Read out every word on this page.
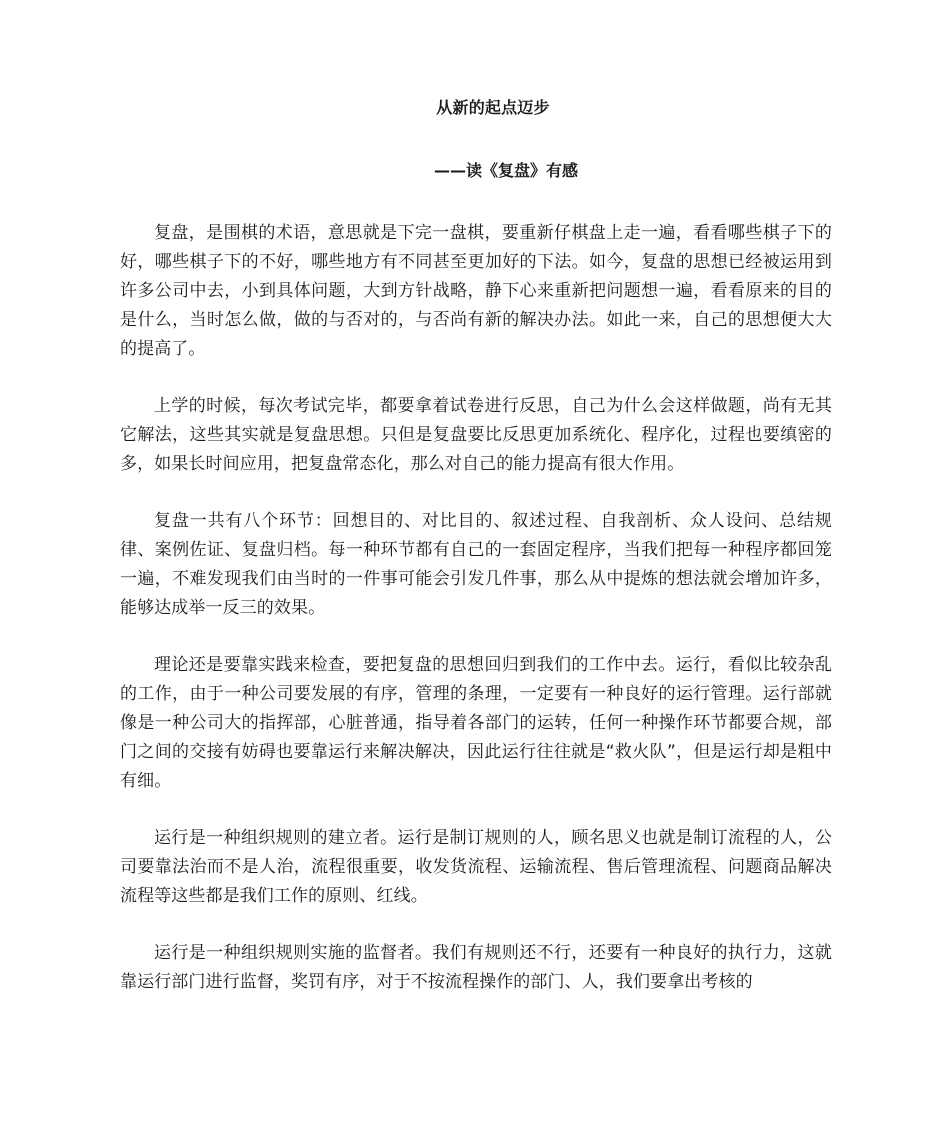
从新的起点迈步
——读《复盘》有感

复盘，是围棋的术语，意思就是下完一盘棋，要重新仔棋盘上走一遍，看看哪些棋子下的好，哪些棋子下的不好，哪些地方有不同甚至更加好的下法。如今，复盘的思想已经被运用到许多公司中去，小到具体问题，大到方针战略，静下心来重新把问题想一遍，看看原来的目的是什么，当时怎么做，做的与否对的，与否尚有新的解决办法。如此一来，自己的思想便大大的提高了。

上学的时候，每次考试完毕，都要拿着试卷进行反思，自己为什么会这样做题，尚有无其它解法，这些其实就是复盘思想。只但是复盘要比反思更加系统化、程序化，过程也要缜密的多，如果长时间应用，把复盘常态化，那么对自己的能力提高有很大作用。

复盘一共有八个环节：回想目的、对比目的、叙述过程、自我剖析、众人设问、总结规律、案例佐证、复盘归档。每一种环节都有自己的一套固定程序，当我们把每一种程序都回笼一遍，不难发现我们由当时的一件事可能会引发几件事，那么从中提炼的想法就会增加许多，能够达成举一反三的效果。

理论还是要靠实践来检查，要把复盘的思想回归到我们的工作中去。运行，看似比较杂乱的工作，由于一种公司要发展的有序，管理的条理，一定要有一种良好的运行管理。运行部就像是一种公司大的指挥部，心脏普通，指导着各部门的运转，任何一种操作环节都要合规，部门之间的交接有妨碍也要靠运行来解决解决，因此运行往往就是“救火队”，但是运行却是粗中有细。

运行是一种组织规则的建立者。运行是制订规则的人，顾名思义也就是制订流程的人，公司要靠法治而不是人治，流程很重要，收发货流程、运输流程、售后管理流程、问题商品解决流程等这些都是我们工作的原则、红线。

运行是一种组织规则实施的监督者。我们有规则还不行，还要有一种良好的执行力，这就靠运行部门进行监督，奖罚有序，对于不按流程操作的部门、人，我们要拿出考核的
